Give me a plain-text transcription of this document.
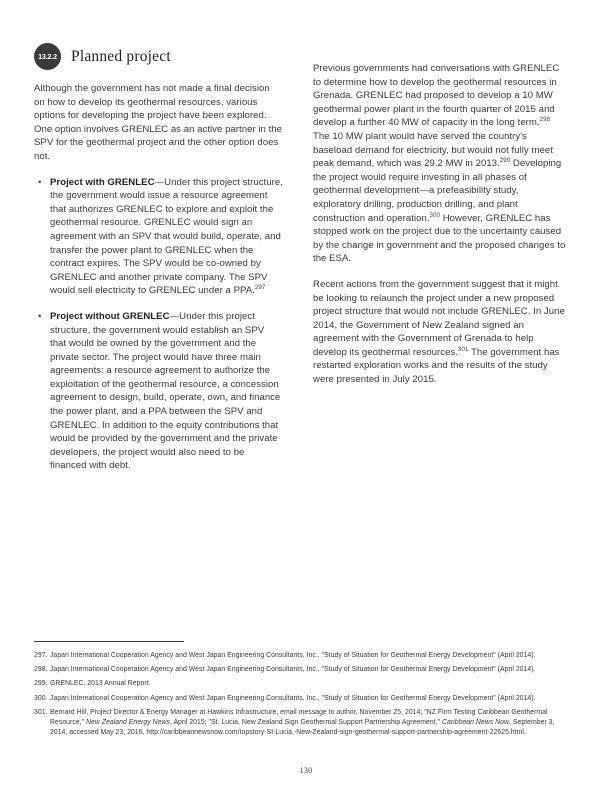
13.2.2 Planned project

Although the government has not made a final decision on how to develop its geothermal resources, various options for developing the project have been explored. One option involves GRENLEC as an active partner in the SPV for the geothermal project and the other option does not.

• Project with GRENLEC—Under this project structure, the government would issue a resource agreement that authorizes GRENLEC to explore and exploit the geothermal resource. GRENLEC would sign an agreement with an SPV that would build, operate, and transfer the power plant to GRENLEC when the contract expires. The SPV would be co-owned by GRENLEC and another private company. The SPV would sell electricity to GRENLEC under a PPA.$^{297}$
• Project without GRENLEC—Under this project structure, the government would establish an SPV that would be owned by the government and the private sector. The project would have three main agreements: a resource agreement to authorize the exploitation of the geothermal resource, a concession agreement to design, build, operate, own, and finance the power plant, and a PPA between the SPV and GRENLEC. In addition to the equity contributions that would be provided by the government and the private developers, the project would also need to be financed with debt.

Previous governments had conversations with GRENLEC to determine how to develop the geothermal resources in Grenada. GRENLEC had proposed to develop a 10 MW geothermal power plant in the fourth quarter of 2015 and develop a further 40 MW of capacity in the long term.$^{298}$ The 10 MW plant would have served the country's baseload demand for electricity, but would not fully meet peak demand, which was 29.2 MW in 2013.$^{299}$ Developing the project would require investing in all phases of geothermal development—a prefeasibility study, exploratory drilling, production drilling, and plant construction and operation.$^{300}$ However, GRENLEC has stopped work on the project due to the uncertainty caused by the change in government and the proposed changes to the ESA.

Recent actions from the government suggest that it might be looking to relaunch the project under a new proposed project structure that would not include GRENLEC. In June 2014, the Government of New Zealand signed an agreement with the Government of Grenada to help develop its geothermal resources.$^{301}$ The government has restarted exploration works and the results of the study were presented in July 2015.

297. Japan International Cooperation Agency and West Japan Engineering Consultants, Inc., "Study of Situation for Geothermal Energy Development" (April 2014).
298. Japan International Cooperation Agency and West Japan Engineering Consultants, Inc., "Study of Situation for Geothermal Energy Development" (April 2014).
299. GRENLEC, 2013 Annual Report.
300. Japan International Cooperation Agency and West Japan Engineering Consultants, Inc., "Study of Situation for Geothermal Energy Development" (April 2014).
301. Bernard Hill, Project Director & Energy Manager at Hawkins Infrastructure, email message to author, November 25, 2014; "NZ Firm Testing Caribbean Geothermal Resource," New Zealand Energy News, April 2015; "St. Lucia, New Zealand Sign Geothermal Support Partnership Agreement," Caribbean News Now, September 3, 2014, accessed May 23, 2016, http://caribbeannewsnow.com/topstory-St-Lucia,-New-Zealand-sign-geothermal-support-partnership-agreement-22625.html.
130
